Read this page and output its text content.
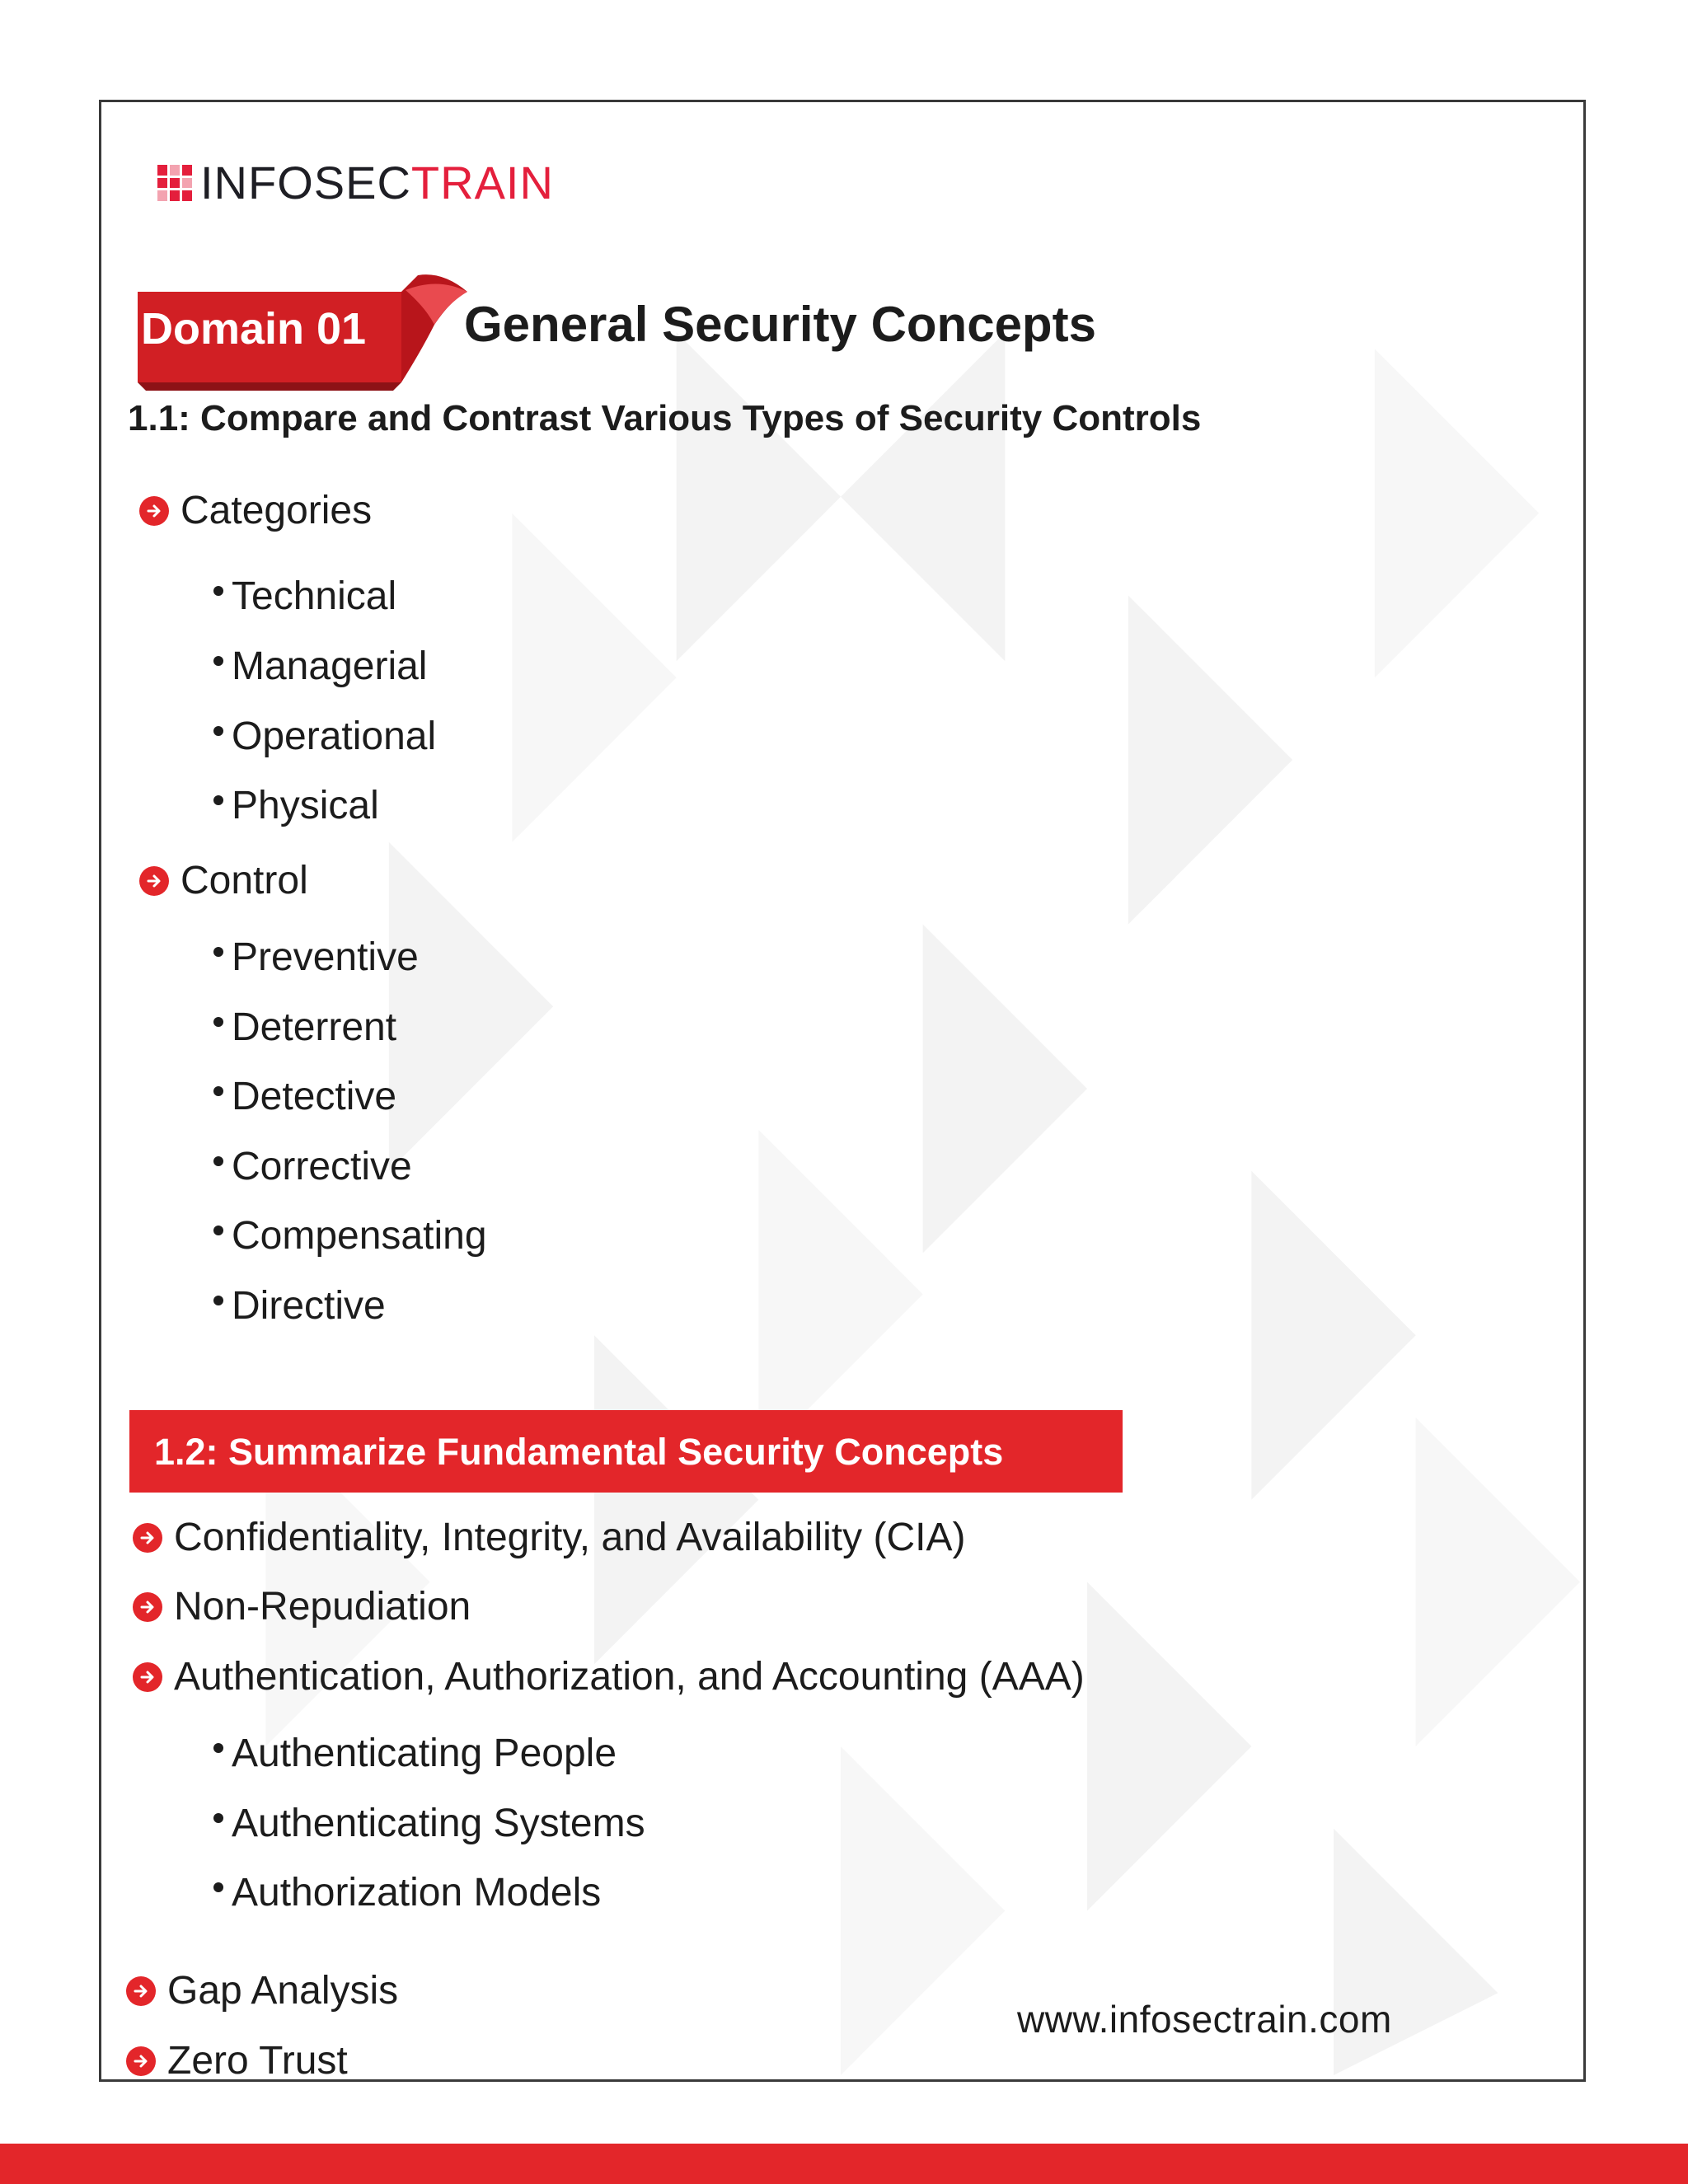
INFOSECTRAIN
Domain 01 General Security Concepts
1.1: Compare and Contrast Various Types of Security Controls
Categories
Technical
Managerial
Operational
Physical
Control
Preventive
Deterrent
Detective
Corrective
Compensating
Directive
1.2: Summarize Fundamental Security Concepts
Confidentiality, Integrity, and Availability (CIA)
Non-Repudiation
Authentication, Authorization, and Accounting (AAA)
Authenticating People
Authenticating Systems
Authorization Models
Gap Analysis
Zero Trust
www.infosectrain.com
